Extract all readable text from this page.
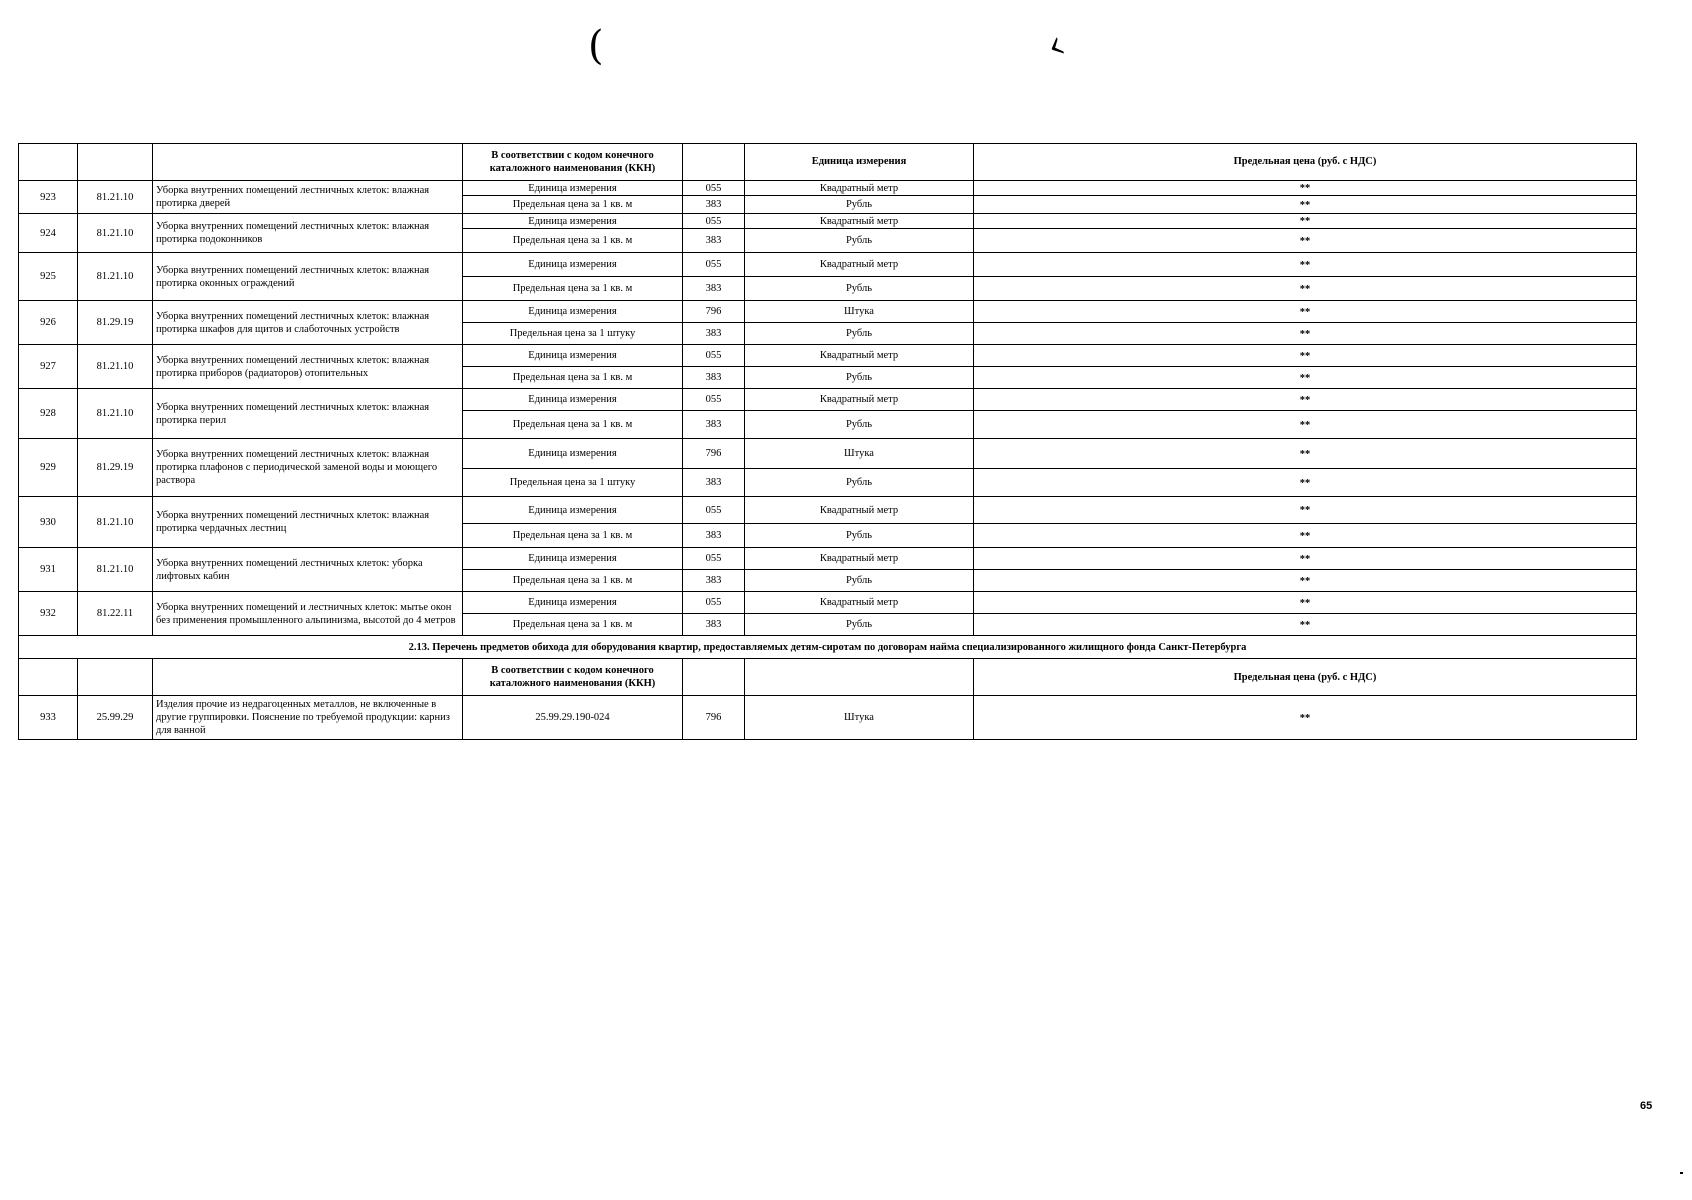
(	‹
			В соответствии с кодом конечного каталожного наименования (ККН)		Единица измерения	Предельная цена (руб. с НДС)
923	81.21.10	Уборка внутренних помещений лестничных клеток: влажная протирка дверей	Единица измерения	055	Квадратный метр	**
			Предельная цена за 1 кв. м	383	Рубль	**
924	81.21.10	Уборка внутренних помещений лестничных клеток: влажная протирка подоконников	Единица измерения	055	Квадратный метр	**
			Предельная цена за 1 кв. м	383	Рубль	**
925	81.21.10	Уборка внутренних помещений лестничных клеток: влажная протирка оконных ограждений	Единица измерения	055	Квадратный метр	**
			Предельная цена за 1 кв. м	383	Рубль	**
926	81.29.19	Уборка внутренних помещений лестничных клеток: влажная протирка шкафов для щитов и слаботочных устройств	Единица измерения	796	Штука	**
			Предельная цена за 1 штуку	383	Рубль	**
927	81.21.10	Уборка внутренних помещений лестничных клеток: влажная протирка приборов (радиаторов) отопительных	Единица измерения	055	Квадратный метр	**
			Предельная цена за 1 кв. м	383	Рубль	**
928	81.21.10	Уборка внутренних помещений лестничных клеток: влажная протирка перил	Единица измерения	055	Квадратный метр	**
			Предельная цена за 1 кв. м	383	Рубль	**
929	81.29.19	Уборка внутренних помещений лестничных клеток: влажная протирка плафонов с периодической заменой воды и моющего раствора	Единица измерения	796	Штука	**
			Предельная цена за 1 штуку	383	Рубль	**
930	81.21.10	Уборка внутренних помещений лестничных клеток: влажная протирка чердачных лестниц	Единица измерения	055	Квадратный метр	**
			Предельная цена за 1 кв. м	383	Рубль	**
931	81.21.10	Уборка внутренних помещений лестничных клеток: уборка лифтовых кабин	Единица измерения	055	Квадратный метр	**
			Предельная цена за 1 кв. м	383	Рубль	**
932	81.22.11	Уборка внутренних помещений и лестничных клеток: мытье окон без применения промышленного альпинизма, высотой до 4 метров	Единица измерения	055	Квадратный метр	**
			Предельная цена за 1 кв. м	383	Рубль	**
2.13. Перечень предметов обихода для оборудования квартир, предоставляемых детям-сиротам по договорам найма специализированного жилищного фонда Санкт-Петербурга						
			В соответствии с кодом конечного каталожного наименования (ККН)			Предельная цена (руб. с НДС)
933	25.99.29	Изделия прочие из недрагоценных металлов, не включенные в другие группировки. Пояснение по требуемой продукции: карниз для ванной	25.99.29.190-024	796	Штука	**
65
